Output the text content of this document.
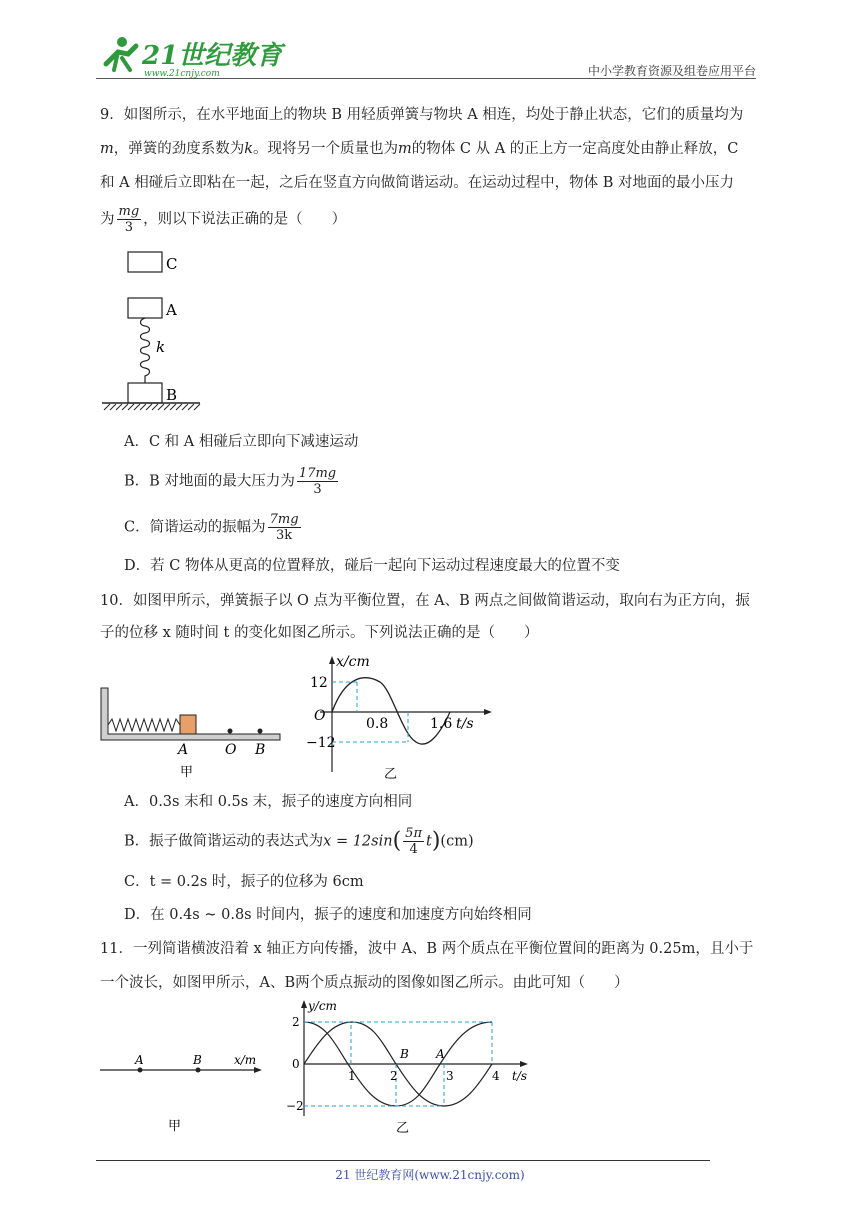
21世纪教育
www.21cnjy.com	中小学教育资源及组卷应用平台
9．如图所示，在水平地面上的物块 B 用轻质弹簧与物块 A 相连，均处于静止状态，它们的质量均为
m，弹簧的劲度系数为k。现将另一个质量也为m的物体 C 从 A 的正上方一定高度处由静止释放，C
和 A 相碰后立即粘在一起，之后在竖直方向做简谐运动。在运动过程中，物体 B 对地面的最小压力
为 $\frac{mg}{3}$ ，则以下说法正确的是（　　）
C
A
k
B
A．C 和 A 相碰后立即向下减速运动
B．B 对地面的最大压力为 $\frac{17mg}{3}$
C．简谐运动的振幅为 $\frac{7mg}{3k}$
D．若 C 物体从更高的位置释放，碰后一起向下运动过程速度最大的位置不变
10．如图甲所示，弹簧振子以 O 点为平衡位置，在 A、B 两点之间做简谐运动，取向右为正方向，振
子的位移 x 随时间 t 的变化如图乙所示。下列说法正确的是（　　）
A	O B
甲
x/cm
t/s
12
O	0.8	1.6
−12
乙
A．0.3s 末和 0.5s 末，振子的速度方向相同
B．振子做简谐运动的表达式为$x = 12\sin( \frac{5\pi}{4} t)(cm)$
C．t = 0.2s 时，振子的位移为 6cm
D．在 0.4s ~ 0.8s 时间内，振子的速度和加速度方向始终相同
11．一列简谐横波沿着 x 轴正方向传播，波中 A、B 两个质点在平衡位置间的距离为 0.25m，且小于
一个波长，如图甲所示，A、B两个质点振动的图像如图乙所示。由此可知（　　）
A	B	x/m
甲
y/cm
t/s
2
0
−2
1	2	3	4
B A
乙
21 世纪教育网(www.21cnjy.com)
